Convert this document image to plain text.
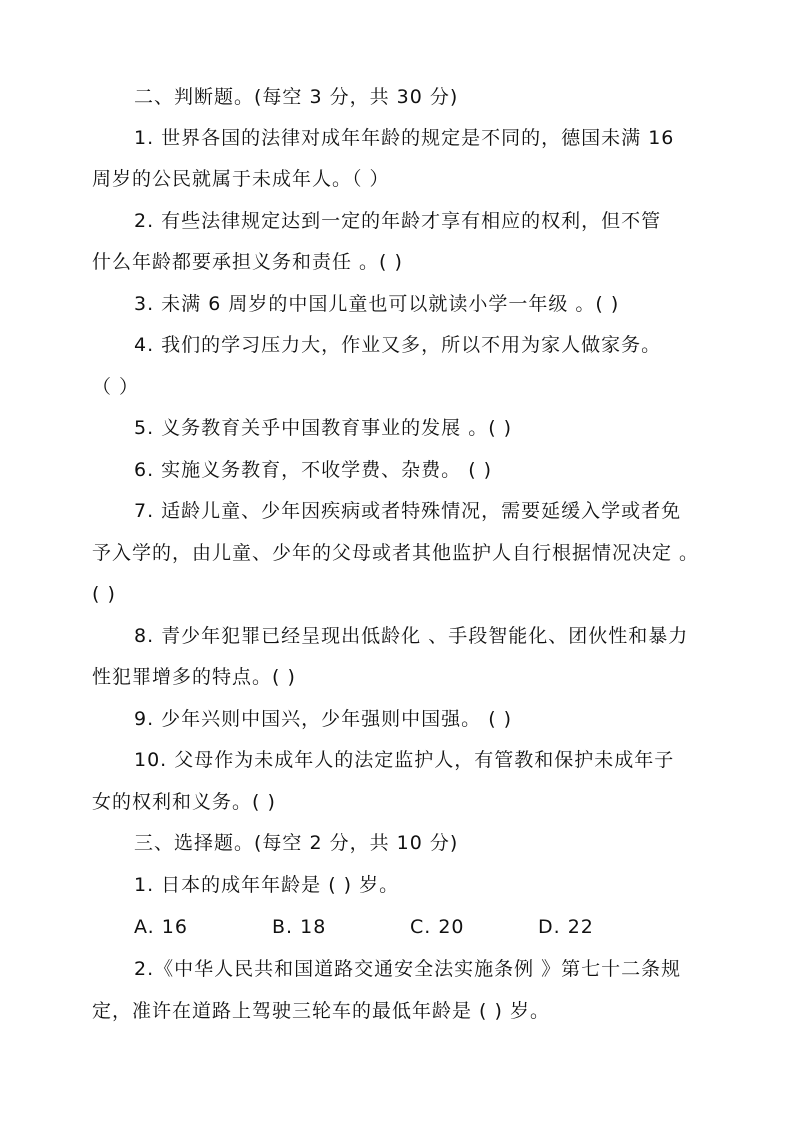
二、判断题。(每空 3 分，共 30 分)
1. 世界各国的法律对成年年龄的规定是不同的，德国未满 16
周岁的公民就属于未成年人。（ ）
2. 有些法律规定达到一定的年龄才享有相应的权利，但不管
什么年龄都要承担义务和责任 。( )
3. 未满 6 周岁的中国儿童也可以就读小学一年级 。( )
4. 我们的学习压力大，作业又多，所以不用为家人做家务。
（ ）
5. 义务教育关乎中国教育事业的发展 。( )
6. 实施义务教育，不收学费、杂费。 ( )
7. 适龄儿童、少年因疾病或者特殊情况，需要延缓入学或者免
予入学的，由儿童、少年的父母或者其他监护人自行根据情况决定 。
( )
8. 青少年犯罪已经呈现出低龄化 、手段智能化、团伙性和暴力
性犯罪增多的特点。( )
9. 少年兴则中国兴，少年强则中国强。 ( )
10. 父母作为未成年人的法定监护人，有管教和保护未成年子
女的权利和义务。( )
三、选择题。(每空 2 分，共 10 分)
1. 日本的成年年龄是 ( ) 岁。
A. 16	B. 18	C. 20	D. 22
2.《中华人民共和国道路交通安全法实施条例 》第七十二条规
定，准许在道路上驾驶三轮车的最低年龄是 ( ) 岁。
